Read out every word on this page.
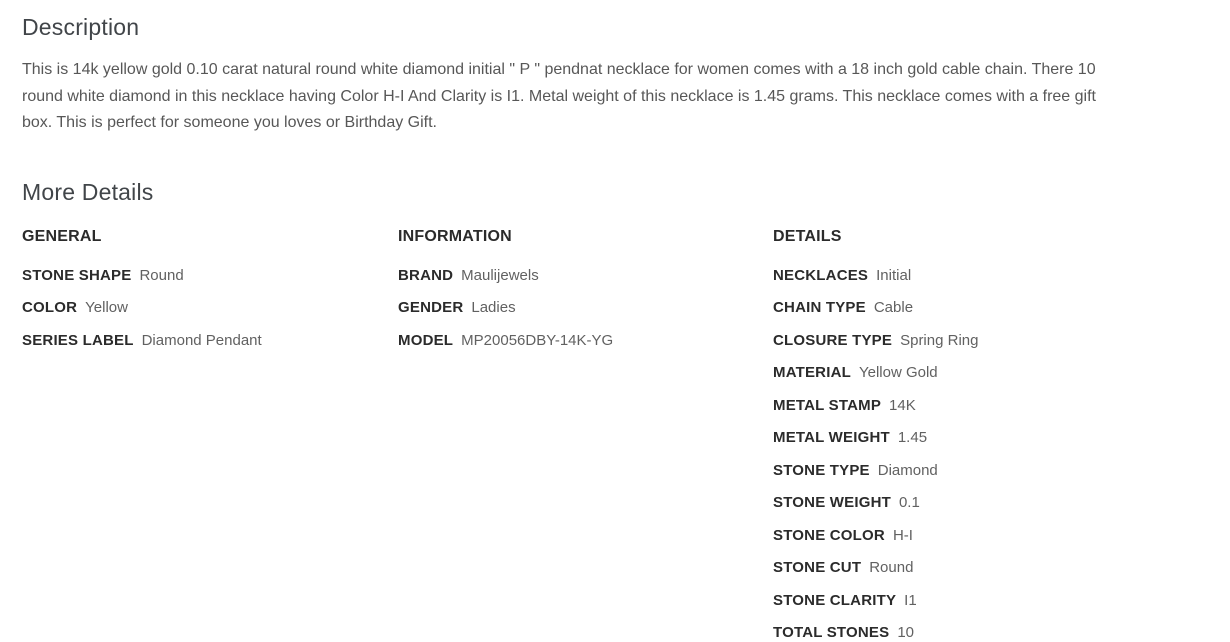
Description

This is 14k yellow gold 0.10 carat natural round white diamond initial " P " pendnat necklace for women comes with a 18 inch gold cable chain. There 10 round white diamond in this necklace having Color H-I And Clarity is I1. Metal weight of this necklace is 1.45 grams. This necklace comes with a free gift box. This is perfect for someone you loves or Birthday Gift.

More Details
GENERAL
STONE SHAPE Round
COLOR Yellow
SERIES LABEL Diamond Pendant
INFORMATION
BRAND Maulijewels
GENDER Ladies
MODEL MP20056DBY-14K-YG
DETAILS
NECKLACES Initial
CHAIN TYPE Cable
CLOSURE TYPE Spring Ring
MATERIAL Yellow Gold
METAL STAMP 14K
METAL WEIGHT 1.45
STONE TYPE Diamond
STONE WEIGHT 0.1
STONE COLOR H-I
STONE CUT Round
STONE CLARITY I1
TOTAL STONES 10
